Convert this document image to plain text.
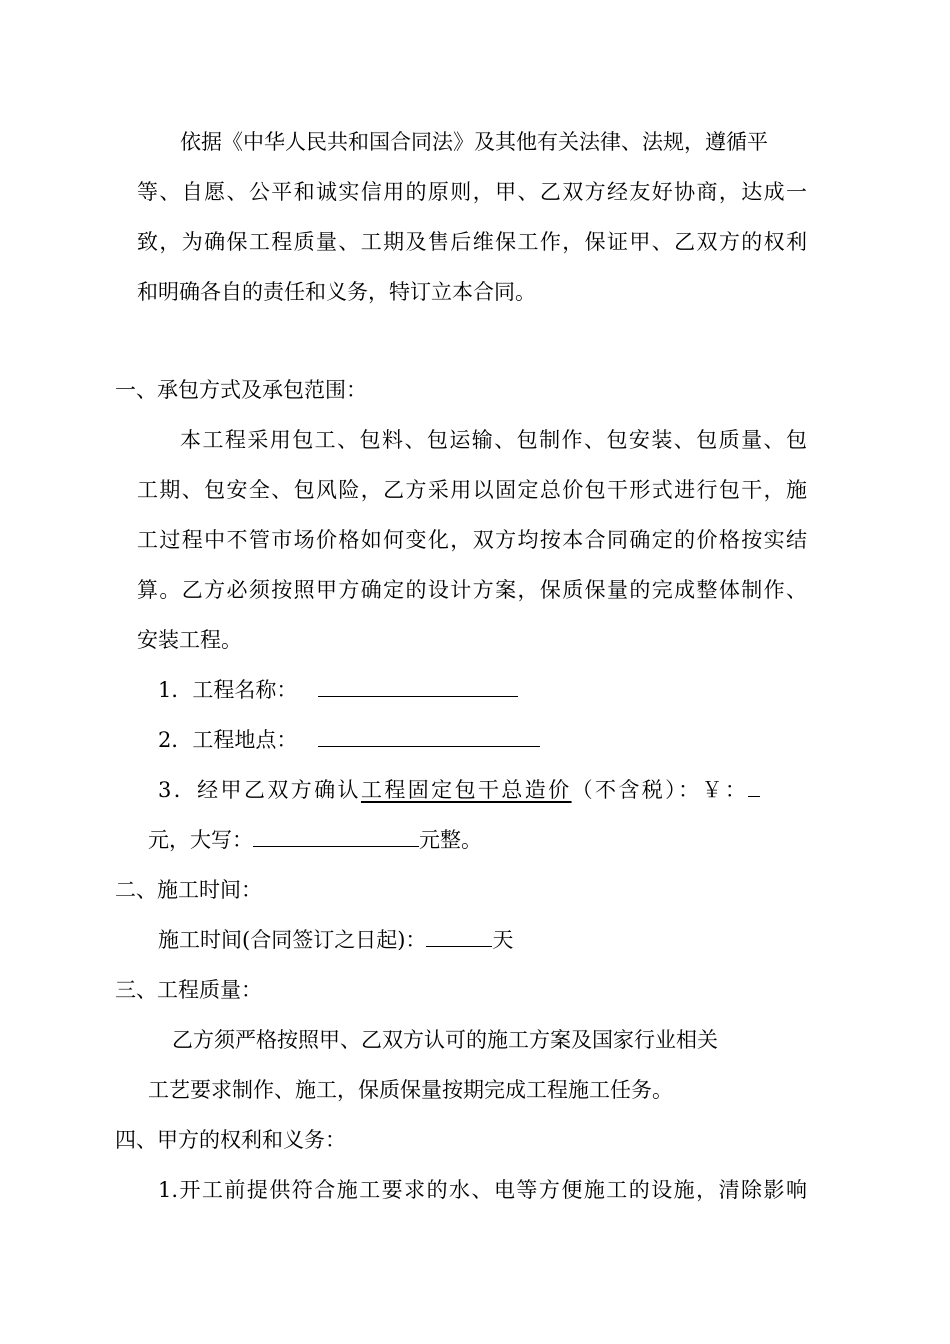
依据《中华人民共和国合同法》及其他有关法律、法规，遵循平
等、自愿、公平和诚实信用的原则，甲、乙双方经友好协商，达成一
致，为确保工程质量、工期及售后维保工作，保证甲、乙双方的权利
和明确各自的责任和义务，特订立本合同。
一、承包方式及承包范围：
本工程采用包工、包料、包运输、包制作、包安装、包质量、包
工期、包安全、包风险，乙方采用以固定总价包干形式进行包干，施
工过程中不管市场价格如何变化，双方均按本合同确定的价格按实结
算。乙方必须按照甲方确定的设计方案，保质保量的完成整体制作、
安装工程。
1．工程名称：
2．工程地点：
3．经甲乙双方确认工程固定包干总造价（不含税）：￥：
元，大写：	元整。
二、施工时间：
施工时间(合同签订之日起)：	天
三、工程质量：
乙方须严格按照甲、乙双方认可的施工方案及国家行业相关
工艺要求制作、施工，保质保量按期完成工程施工任务。
四、甲方的权利和义务：
1.开工前提供符合施工要求的水、电等方便施工的设施，清除影响
